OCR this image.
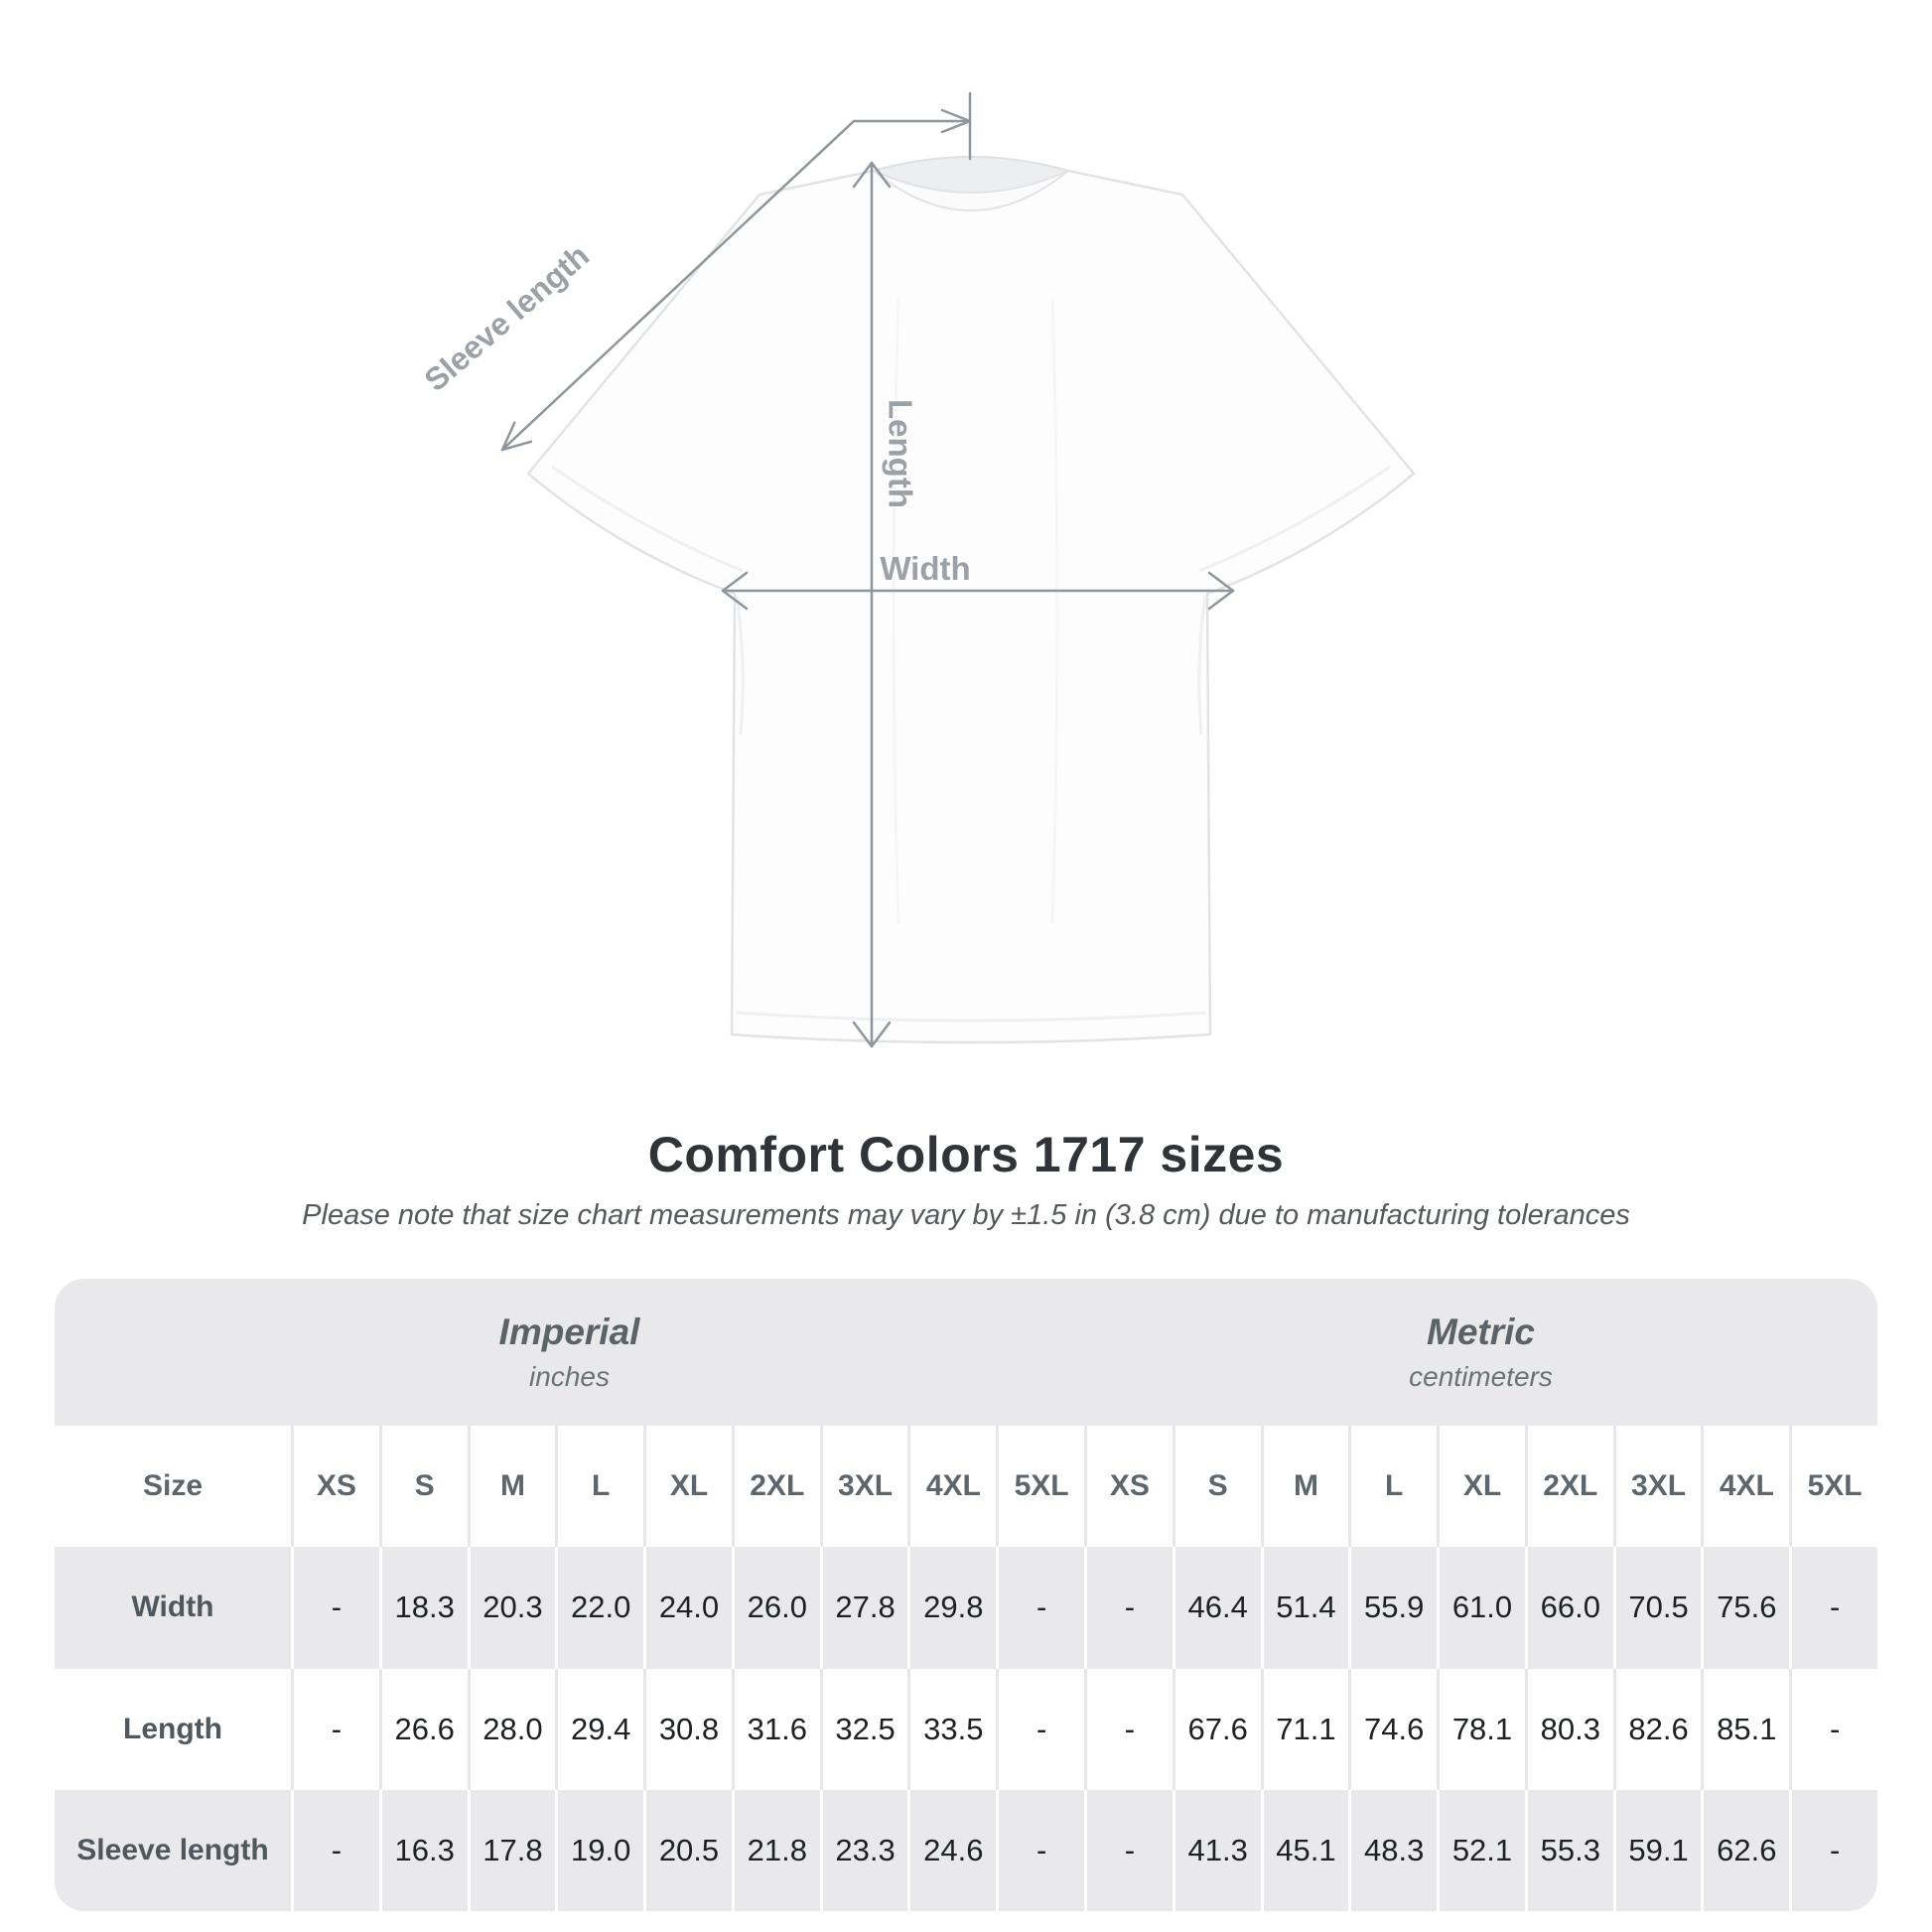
Sleeve length
Length
Width
Comfort Colors 1717 sizes
Please note that size chart measurements may vary by ±1.5 in (3.8 cm) due to manufacturing tolerances
Imperial
inches
Metric
centimeters
Size	XS	S	M	L	XL	2XL	3XL	4XL	5XL	XS	S	M	L	XL	2XL	3XL	4XL	5XL
Width	-	18.3 20.3 22.0 24.0 26.0 27.8 29.8	-	-	46.4 51.4 55.9 61.0 66.0 70.5 75.6	-
Length	-	26.6 28.0 29.4 30.8 31.6 32.5 33.5	-	-	67.6 71.1 74.6 78.1 80.3 82.6 85.1	-
Sleeve length	-	16.3 17.8 19.0 20.5 21.8 23.3 24.6	-	-	41.3 45.1 48.3 52.1 55.3 59.1 62.6	-
